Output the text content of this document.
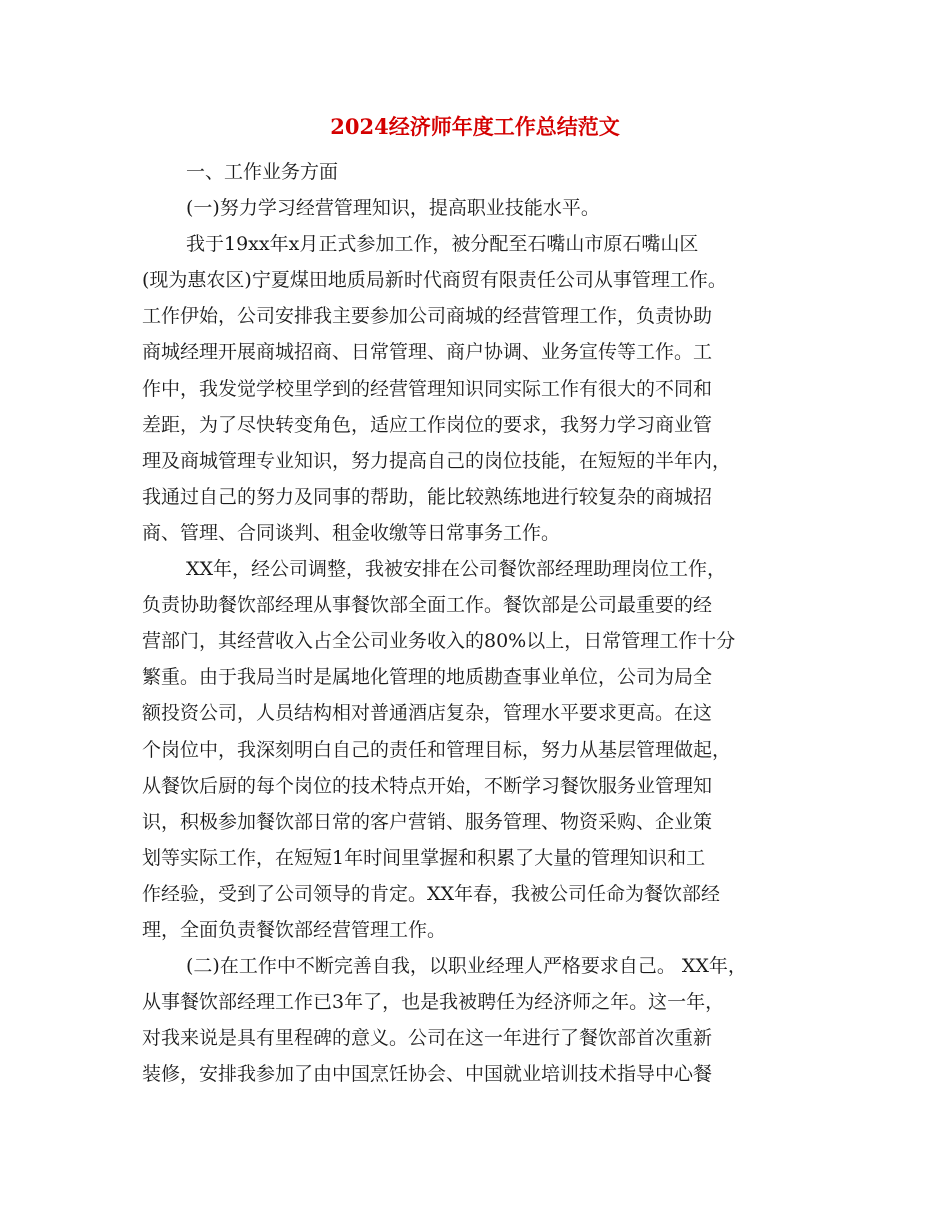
2024经济师年度工作总结范文
一、工作业务方面
(一)努力学习经营管理知识，提高职业技能水平。
我于19xx年x月正式参加工作，被分配至石嘴山市原石嘴山区
(现为惠农区)宁夏煤田地质局新时代商贸有限责任公司从事管理工作。
工作伊始，公司安排我主要参加公司商城的经营管理工作，负责协助
商城经理开展商城招商、日常管理、商户协调、业务宣传等工作。工
作中，我发觉学校里学到的经营管理知识同实际工作有很大的不同和
差距，为了尽快转变角色，适应工作岗位的要求，我努力学习商业管
理及商城管理专业知识，努力提高自己的岗位技能，在短短的半年内，
我通过自己的努力及同事的帮助，能比较熟练地进行较复杂的商城招
商、管理、合同谈判、租金收缴等日常事务工作。
XX年，经公司调整，我被安排在公司餐饮部经理助理岗位工作，
负责协助餐饮部经理从事餐饮部全面工作。餐饮部是公司最重要的经
营部门，其经营收入占全公司业务收入的80%以上，日常管理工作十分
繁重。由于我局当时是属地化管理的地质勘查事业单位，公司为局全
额投资公司，人员结构相对普通酒店复杂，管理水平要求更高。在这
个岗位中，我深刻明白自己的责任和管理目标，努力从基层管理做起，
从餐饮后厨的每个岗位的技术特点开始，不断学习餐饮服务业管理知
识，积极参加餐饮部日常的客户营销、服务管理、物资采购、企业策
划等实际工作，在短短1年时间里掌握和积累了大量的管理知识和工
作经验，受到了公司领导的肯定。XX年春，我被公司任命为餐饮部经
理，全面负责餐饮部经营管理工作。
(二)在工作中不断完善自我，以职业经理人严格要求自己。 XX年，
从事餐饮部经理工作已3年了，也是我被聘任为经济师之年。这一年，
对我来说是具有里程碑的意义。公司在这一年进行了餐饮部首次重新
装修，安排我参加了由中国烹饪协会、中国就业培训技术指导中心餐
